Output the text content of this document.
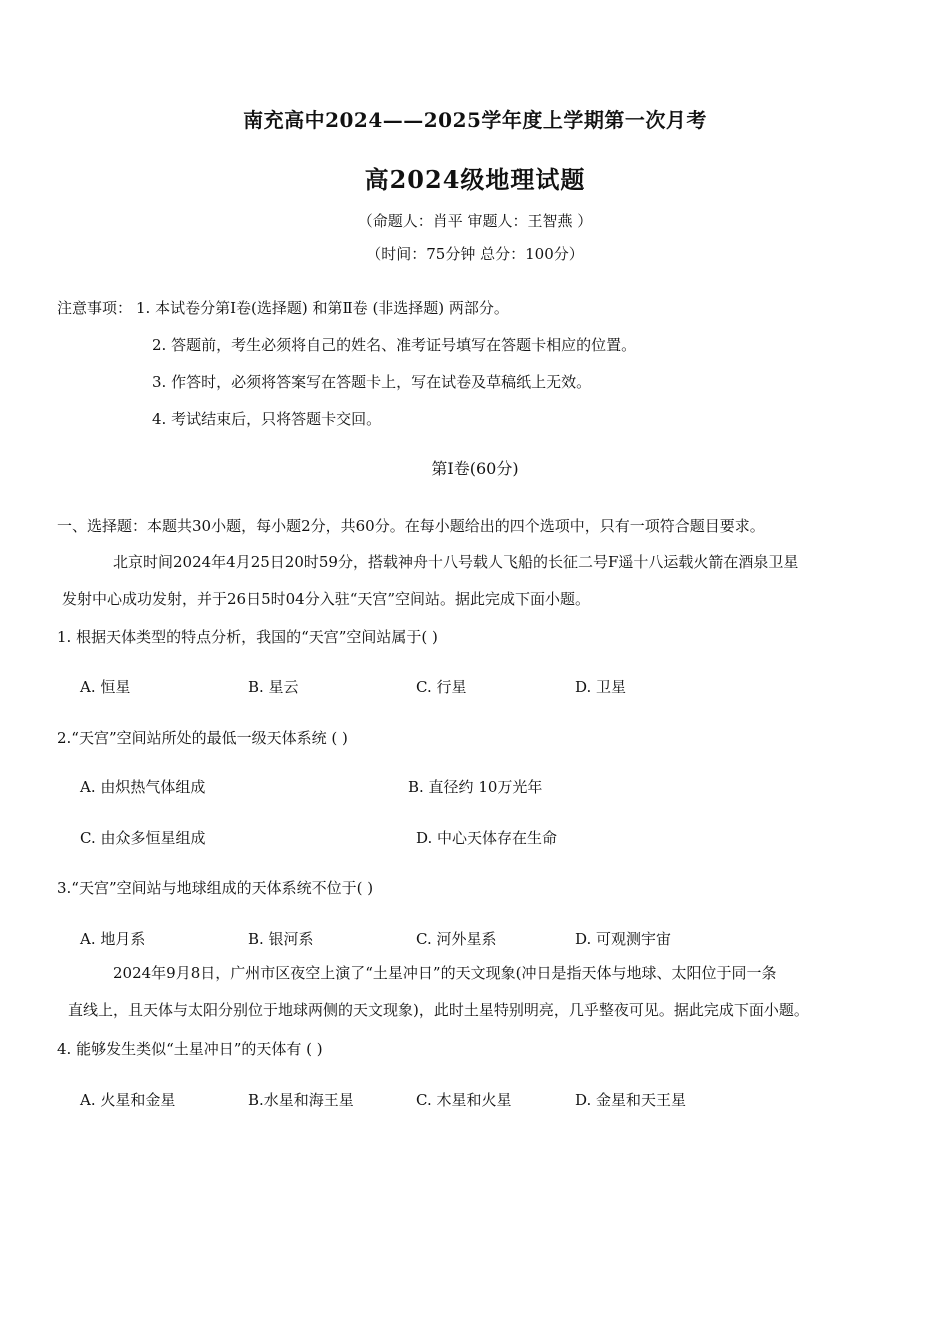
南充高中2024——2025学年度上学期第一次月考
高2024级地理试题
（命题人：肖平 审题人：王智燕 ）
（时间：75分钟 总分：100分）
注意事项： 1. 本试卷分第Ⅰ卷(选择题) 和第Ⅱ卷 (非选择题) 两部分。
2. 答题前，考生必须将自己的姓名、准考证号填写在答题卡相应的位置。
3. 作答时，必须将答案写在答题卡上，写在试卷及草稿纸上无效。
4. 考试结束后，只将答题卡交回。
第Ⅰ卷(60分)
一、选择题：本题共30小题，每小题2分，共60分。在每小题给出的四个选项中，只有一项符合题目要求。
北京时间2024年4月25日20时59分，搭载神舟十八号载人飞船的长征二号F遥十八运载火箭在酒泉卫星
发射中心成功发射，并于26日5时04分入驻“天宫”空间站。据此完成下面小题。
1. 根据天体类型的特点分析，我国的“天宫”空间站属于( )
A. 恒星	B. 星云	C. 行星	D. 卫星
2.“天宫”空间站所处的最低一级天体系统 ( )
A. 由炽热气体组成	B. 直径约 10万光年
C. 由众多恒星组成	D. 中心天体存在生命
3.“天宫”空间站与地球组成的天体系统不位于( )
A. 地月系	B. 银河系	C. 河外星系	D. 可观测宇宙
2024年9月8日，广州市区夜空上演了“土星冲日”的天文现象(冲日是指天体与地球、太阳位于同一条
直线上，且天体与太阳分别位于地球两侧的天文现象)，此时土星特别明亮，几乎整夜可见。据此完成下面小题。
4. 能够发生类似“土星冲日”的天体有 ( )
A. 火星和金星	B.水星和海王星	C. 木星和火星	D. 金星和天王星
